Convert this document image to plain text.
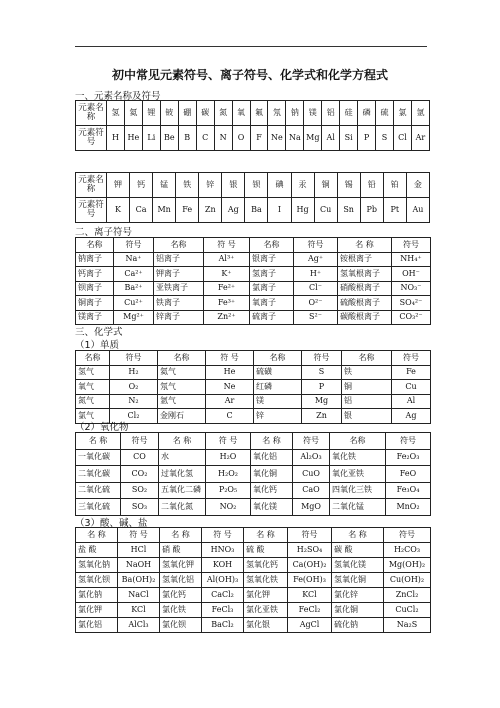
初中常见元素符号、离子符号、化学式和化学方程式
一、元素名称及符号
元素名称	氢	氦	锂	铍	硼	碳	氮	氧	氟	氖	钠	镁	铝	硅	磷	硫	氯	氩
元素符号	H	He	Li	Be	B	C	N	O	F	Ne	Na	Mg	Al	Si	P	S	Cl	Ar
元素名称	钾	钙	锰	铁	锌	银	钡	碘	汞	铜	锡	铅	铂	金
元素符号	K	Ca	Mn	Fe	Zn	Ag	Ba	I	Hg	Cu	Sn	Pb	Pt	Au
二、离子符号
名称	符号	名称	符 号	名称	符号	名 称	符号
钠离子	Na⁺	铝离子	Al³⁺	银离子	Ag⁺	铵根离子	NH₄⁺
钙离子	Ca²⁺	钾离子	K⁺	氢离子	H⁺	氢氧根离子	OH⁻
钡离子	Ba²⁺	亚铁离子	Fe²⁺	氯离子	Cl⁻	硝酸根离子	NO₃⁻
铜离子	Cu²⁺	铁离子	Fe³⁺	氧离子	O²⁻	硫酸根离子	SO₄²⁻
镁离子	Mg²⁺	锌离子	Zn²⁺	硫离子	S²⁻	碳酸根离子	CO₃²⁻
三、化学式
（1）单质
名称	符号	名称	符 号	名称	符号	名称	符号
氢气	H₂	氦气	He	硫磺	S	铁	Fe
氧气	O₂	氖气	Ne	红磷	P	铜	Cu
氮气	N₂	氩气	Ar	镁	Mg	铝	Al
氯气	Cl₂	金刚石	C	锌	Zn	银	Ag
（2）氧化物
名 称	符号	名 称	符 号	名 称	符号	名称	符号
一氧化碳	CO	水	H₂O	氧化铝	Al₂O₃	氧化铁	Fe₂O₃
二氧化碳	CO₂	过氧化氢	H₂O₂	氧化铜	CuO	氧化亚铁	FeO
二氧化硫	SO₂	五氧化二磷	P₂O₅	氧化钙	CaO	四氧化三铁	Fe₃O₄
三氧化硫	SO₃	二氧化氮	NO₂	氧化镁	MgO	二氧化锰	MnO₂
（3）酸、碱、盐
名 称	符 号	名 称	符 号	名 称	符号	名 称	符号
盐 酸	HCl	硝 酸	HNO₃	硫 酸	H₂SO₄	碳 酸	H₂CO₃
氢氧化钠	NaOH	氢氧化钾	KOH	氢氧化钙	Ca(OH)₂	氢氧化镁	Mg(OH)₂
氢氧化钡	Ba(OH)₂	氢氧化铝	Al(OH)₃	氢氧化铁	Fe(OH)₃	氢氧化铜	Cu(OH)₂
氯化钠	NaCl	氯化钙	CaCl₂	氯化钾	KCl	氯化锌	ZnCl₂
氯化钾	KCl	氯化铁	FeCl₃	氯化亚铁	FeCl₂	氯化铜	CuCl₂
氯化铝	AlCl₃	氯化钡	BaCl₂	氯化银	AgCl	硫化钠	Na₂S
